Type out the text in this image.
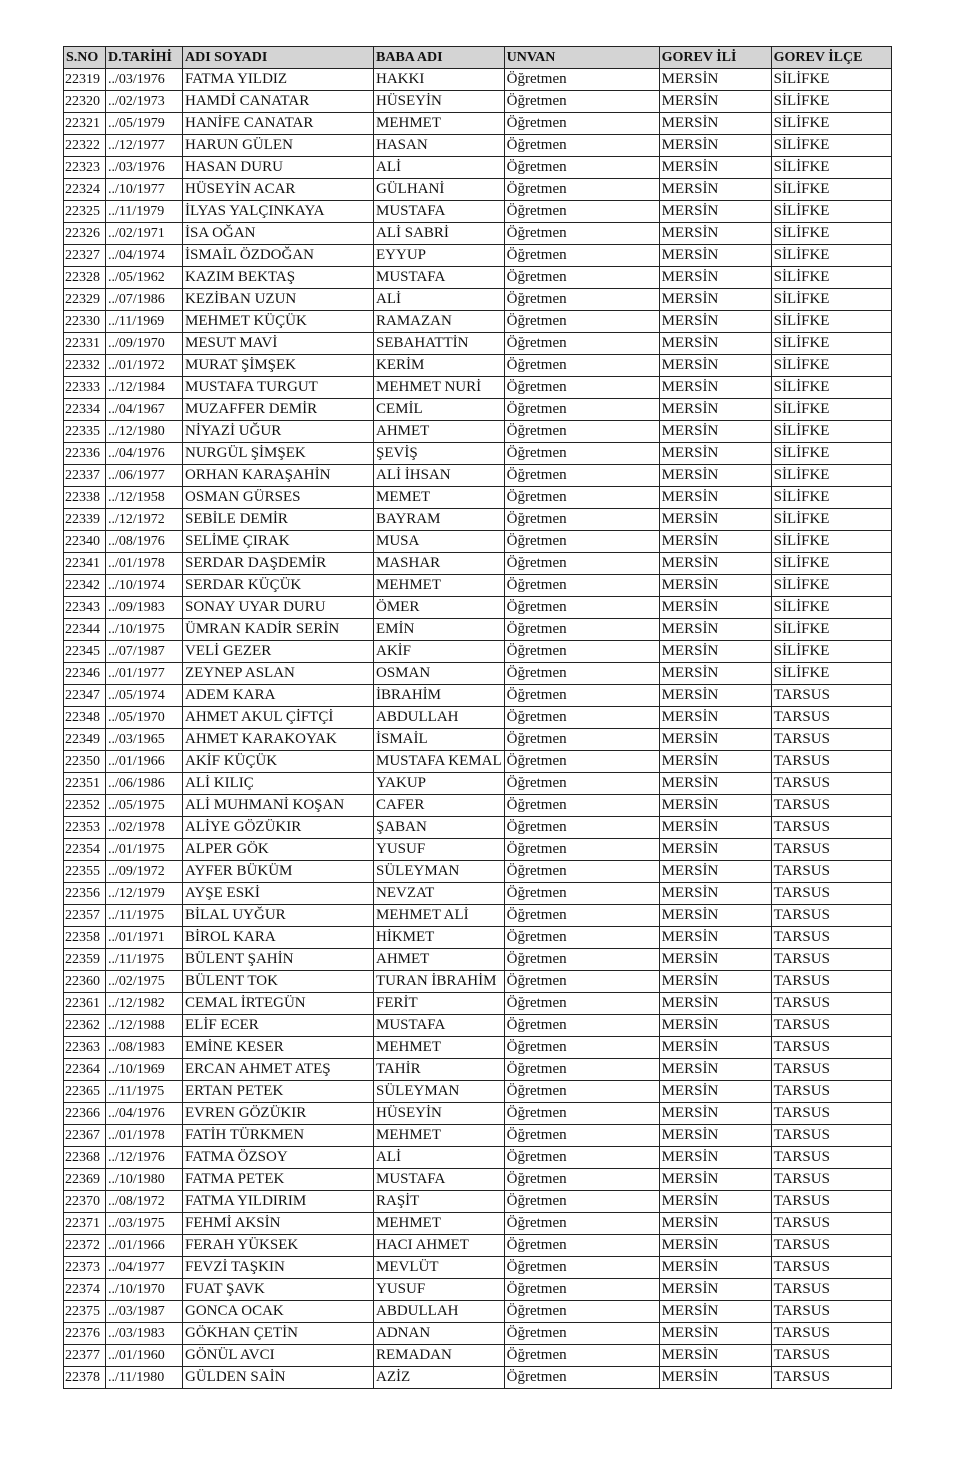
S.NO	D.TARİHİ	ADI SOYADI	BABA ADI	UNVAN	GOREV İLİ	GOREV İLÇE
22319	../03/1976	FATMA YILDIZ	HAKKI	Öğretmen	MERSİN	SİLİFKE
22320	../02/1973	HAMDİ CANATAR	HÜSEYİN	Öğretmen	MERSİN	SİLİFKE
22321	../05/1979	HANİFE CANATAR	MEHMET	Öğretmen	MERSİN	SİLİFKE
22322	../12/1977	HARUN GÜLEN	HASAN	Öğretmen	MERSİN	SİLİFKE
22323	../03/1976	HASAN DURU	ALİ	Öğretmen	MERSİN	SİLİFKE
22324	../10/1977	HÜSEYİN ACAR	GÜLHANİ	Öğretmen	MERSİN	SİLİFKE
22325	../11/1979	İLYAS YALÇINKAYA	MUSTAFA	Öğretmen	MERSİN	SİLİFKE
22326	../02/1971	İSA OĞAN	ALİ SABRİ	Öğretmen	MERSİN	SİLİFKE
22327	../04/1974	İSMAİL ÖZDOĞAN	EYYUP	Öğretmen	MERSİN	SİLİFKE
22328	../05/1962	KAZIM BEKTAŞ	MUSTAFA	Öğretmen	MERSİN	SİLİFKE
22329	../07/1986	KEZİBAN UZUN	ALİ	Öğretmen	MERSİN	SİLİFKE
22330	../11/1969	MEHMET KÜÇÜK	RAMAZAN	Öğretmen	MERSİN	SİLİFKE
22331	../09/1970	MESUT MAVİ	SEBAHATTİN	Öğretmen	MERSİN	SİLİFKE
22332	../01/1972	MURAT ŞİMŞEK	KERİM	Öğretmen	MERSİN	SİLİFKE
22333	../12/1984	MUSTAFA TURGUT	MEHMET NURİ	Öğretmen	MERSİN	SİLİFKE
22334	../04/1967	MUZAFFER DEMİR	CEMİL	Öğretmen	MERSİN	SİLİFKE
22335	../12/1980	NİYAZİ UĞUR	AHMET	Öğretmen	MERSİN	SİLİFKE
22336	../04/1976	NURGÜL ŞİMŞEK	ŞEVİŞ	Öğretmen	MERSİN	SİLİFKE
22337	../06/1977	ORHAN KARAŞAHİN	ALİ İHSAN	Öğretmen	MERSİN	SİLİFKE
22338	../12/1958	OSMAN GÜRSES	MEMET	Öğretmen	MERSİN	SİLİFKE
22339	../12/1972	SEBİLE DEMİR	BAYRAM	Öğretmen	MERSİN	SİLİFKE
22340	../08/1976	SELİME ÇIRAK	MUSA	Öğretmen	MERSİN	SİLİFKE
22341	../01/1978	SERDAR DAŞDEMİR	MASHAR	Öğretmen	MERSİN	SİLİFKE
22342	../10/1974	SERDAR KÜÇÜK	MEHMET	Öğretmen	MERSİN	SİLİFKE
22343	../09/1983	SONAY UYAR DURU	ÖMER	Öğretmen	MERSİN	SİLİFKE
22344	../10/1975	ÜMRAN KADİR SERİN	EMİN	Öğretmen	MERSİN	SİLİFKE
22345	../07/1987	VELİ GEZER	AKİF	Öğretmen	MERSİN	SİLİFKE
22346	../01/1977	ZEYNEP ASLAN	OSMAN	Öğretmen	MERSİN	SİLİFKE
22347	../05/1974	ADEM KARA	İBRAHİM	Öğretmen	MERSİN	TARSUS
22348	../05/1970	AHMET AKUL ÇİFTÇİ	ABDULLAH	Öğretmen	MERSİN	TARSUS
22349	../03/1965	AHMET KARAKOYAK	İSMAİL	Öğretmen	MERSİN	TARSUS
22350	../01/1966	AKİF KÜÇÜK	MUSTAFA KEMAL	Öğretmen	MERSİN	TARSUS
22351	../06/1986	ALİ KILIÇ	YAKUP	Öğretmen	MERSİN	TARSUS
22352	../05/1975	ALİ MUHMANİ KOŞAN	CAFER	Öğretmen	MERSİN	TARSUS
22353	../02/1978	ALİYE GÖZÜKIR	ŞABAN	Öğretmen	MERSİN	TARSUS
22354	../01/1975	ALPER GÖK	YUSUF	Öğretmen	MERSİN	TARSUS
22355	../09/1972	AYFER BÜKÜM	SÜLEYMAN	Öğretmen	MERSİN	TARSUS
22356	../12/1979	AYŞE ESKİ	NEVZAT	Öğretmen	MERSİN	TARSUS
22357	../11/1975	BİLAL UYĞUR	MEHMET ALİ	Öğretmen	MERSİN	TARSUS
22358	../01/1971	BİROL KARA	HİKMET	Öğretmen	MERSİN	TARSUS
22359	../11/1975	BÜLENT ŞAHİN	AHMET	Öğretmen	MERSİN	TARSUS
22360	../02/1975	BÜLENT TOK	TURAN İBRAHİM	Öğretmen	MERSİN	TARSUS
22361	../12/1982	CEMAL İRTEGÜN	FERİT	Öğretmen	MERSİN	TARSUS
22362	../12/1988	ELİF ECER	MUSTAFA	Öğretmen	MERSİN	TARSUS
22363	../08/1983	EMİNE KESER	MEHMET	Öğretmen	MERSİN	TARSUS
22364	../10/1969	ERCAN AHMET ATEŞ	TAHİR	Öğretmen	MERSİN	TARSUS
22365	../11/1975	ERTAN PETEK	SÜLEYMAN	Öğretmen	MERSİN	TARSUS
22366	../04/1976	EVREN GÖZÜKIR	HÜSEYİN	Öğretmen	MERSİN	TARSUS
22367	../01/1978	FATİH TÜRKMEN	MEHMET	Öğretmen	MERSİN	TARSUS
22368	../12/1976	FATMA ÖZSOY	ALİ	Öğretmen	MERSİN	TARSUS
22369	../10/1980	FATMA PETEK	MUSTAFA	Öğretmen	MERSİN	TARSUS
22370	../08/1972	FATMA YILDIRIM	RAŞİT	Öğretmen	MERSİN	TARSUS
22371	../03/1975	FEHMİ AKSİN	MEHMET	Öğretmen	MERSİN	TARSUS
22372	../01/1966	FERAH YÜKSEK	HACI AHMET	Öğretmen	MERSİN	TARSUS
22373	../04/1977	FEVZİ TAŞKIN	MEVLÜT	Öğretmen	MERSİN	TARSUS
22374	../10/1970	FUAT ŞAVK	YUSUF	Öğretmen	MERSİN	TARSUS
22375	../03/1987	GONCA OCAK	ABDULLAH	Öğretmen	MERSİN	TARSUS
22376	../03/1983	GÖKHAN ÇETİN	ADNAN	Öğretmen	MERSİN	TARSUS
22377	../01/1960	GÖNÜL AVCI	REMADAN	Öğretmen	MERSİN	TARSUS
22378	../11/1980	GÜLDEN SAİN	AZİZ	Öğretmen	MERSİN	TARSUS
